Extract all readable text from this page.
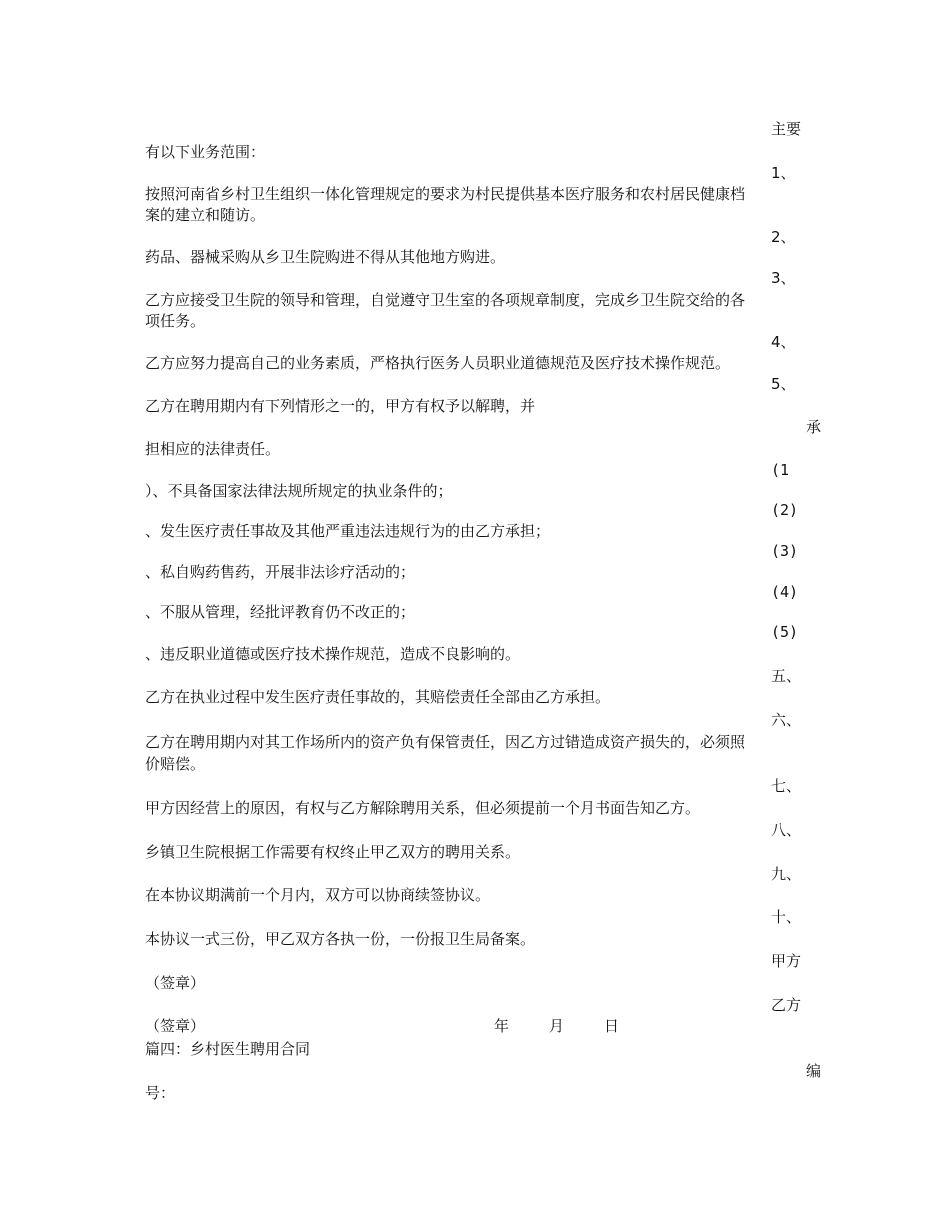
主要
有以下业务范围：
1、
按照河南省乡村卫生组织一体化管理规定的要求为村民提供基本医疗服务和农村居民健康档
案的建立和随访。
2、
药品、器械采购从乡卫生院购进不得从其他地方购进。
3、
乙方应接受卫生院的领导和管理，自觉遵守卫生室的各项规章制度，完成乡卫生院交给的各
项任务。
4、
乙方应努力提高自己的业务素质，严格执行医务人员职业道德规范及医疗技术操作规范。
5、
乙方在聘用期内有下列情形之一的，甲方有权予以解聘，并
承
担相应的法律责任。
(1
）、不具备国家法律法规所规定的执业条件的；
(2)
、发生医疗责任事故及其他严重违法违规行为的由乙方承担；
(3)
、私自购药售药，开展非法诊疗活动的；
(4)
、不服从管理，经批评教育仍不改正的；
(5)
、违反职业道德或医疗技术操作规范，造成不良影响的。
五、
乙方在执业过程中发生医疗责任事故的，其赔偿责任全部由乙方承担。
六、
乙方在聘用期内对其工作场所内的资产负有保管责任，因乙方过错造成资产损失的，必须照
价赔偿。
七、
甲方因经营上的原因，有权与乙方解除聘用关系，但必须提前一个月书面告知乙方。
八、
乡镇卫生院根据工作需要有权终止甲乙双方的聘用关系。
九、
在本协议期满前一个月内，双方可以协商续签协议。
十、
本协议一式三份，甲乙双方各执一份，一份报卫生局备案。
甲方
（签章）
乙方
（签章）	年	月	日
篇四：乡村医生聘用合同
编
号：
